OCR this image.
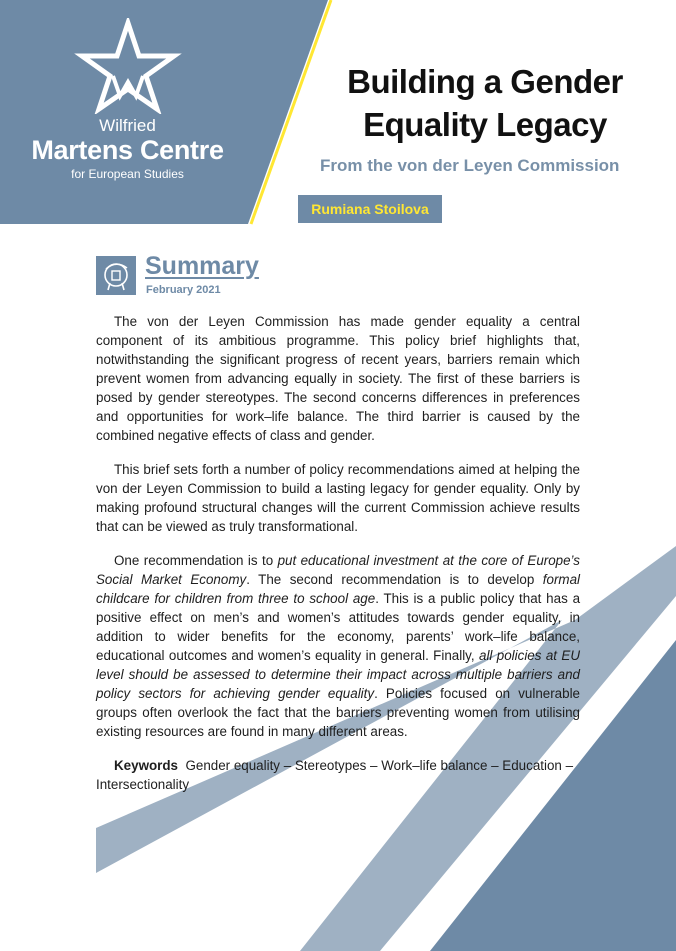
Wilfried
Martens Centre
for European Studies
Building a Gender
Equality Legacy
From the von der Leyen Commission
Rumiana Stoilova
Summary
February 2021

The von der Leyen Commission has made gender equality a central component of its ambitious programme. This policy brief highlights that, notwithstanding the significant progress of recent years, barriers remain which prevent women from advancing equally in society. The first of these barriers is posed by gender stereotypes. The second concerns differences in preferences and opportunities for work–life balance. The third barrier is caused by the combined negative effects of class and gender.

This brief sets forth a number of policy recommendations aimed at helping the von der Leyen Commission to build a lasting legacy for gender equality. Only by making profound structural changes will the current Commission achieve results that can be viewed as truly transformational.

One recommendation is to put educational investment at the core of Europe’s Social Market Economy. The second recommendation is to develop formal childcare for children from three to school age. This is a public policy that has a positive effect on men’s and women’s attitudes towards gender equality, in addition to wider benefits for the economy, parents’ work–life balance, educational outcomes and women’s equality in general. Finally, all policies at EU level should be assessed to determine their impact across multiple barriers and policy sectors for achieving gender equality. Policies focused on vulnerable groups often overlook the fact that the barriers preventing women from utilising existing resources are found in many different areas.

Keywords Gender equality – Stereotypes – Work–life balance – Education – Intersectionality
